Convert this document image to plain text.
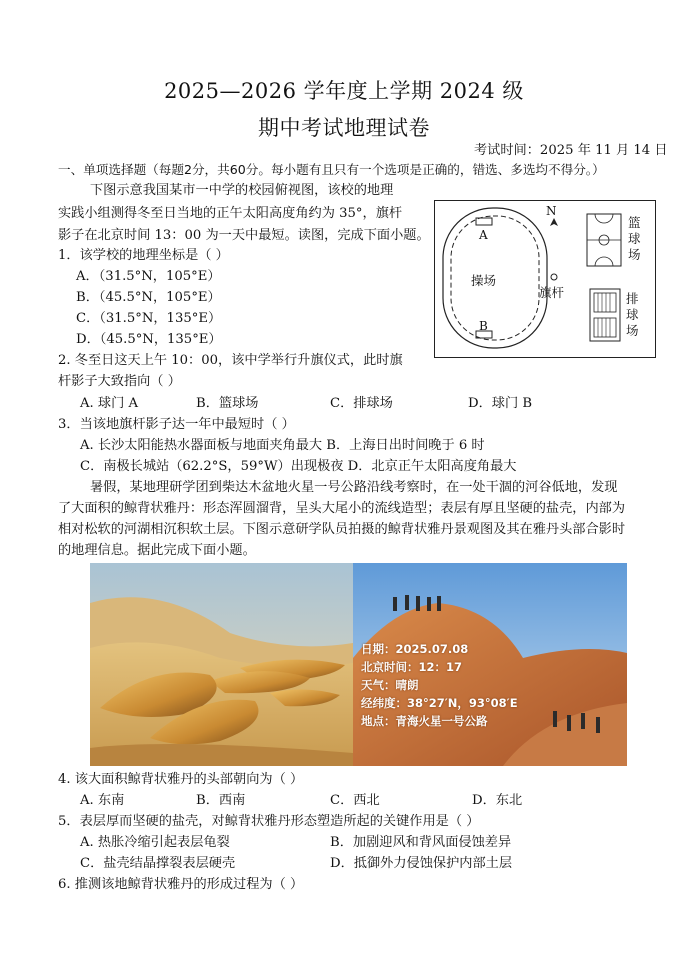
2025—2026 学年度上学期 2024 级
期中考试地理试卷
考试时间：2025 年 11 月 14 日
一、单项选择题（每题2分，共60分。每小题有且只有一个选项是正确的，错选、多选均不得分。）
下图示意我国某市一中学的校园俯视图，该校的地理
实践小组测得冬至日当地的正午太阳高度角约为 35°，旗杆
影子在北京时间 13：00 为一天中最短。读图，完成下面小题。
1．该学校的地理坐标是（ ）
A．（31.5°N，105°E）
B．（45.5°N，105°E）
C．（31.5°N，135°E）
D．（45.5°N，135°E）
2. 冬至日这天上午 10：00，该中学举行升旗仪式，此时旗
杆影子大致指向（ ）
A. 球门 A	B．篮球场	C．排球场	D．球门 B
3．当该地旗杆影子达一年中最短时（ ）
A. 长沙太阳能热水器面板与地面夹角最大 B．上海日出时间晚于 6 时
C．南极长城站（62.2°S，59°W）出现极夜 D．北京正午太阳高度角最大
暑假，某地理研学团到柴达木盆地火星一号公路沿线考察时，在一处干涸的河谷低地，发现
了大面积的鲸背状雅丹：形态浑圆溜背，呈头大尾小的流线造型；表层有厚且坚硬的盐壳，内部为
相对松软的河湖相沉积软土层。下图示意研学队员拍摄的鲸背状雅丹景观图及其在雅丹头部合影时
的地理信息。据此完成下面小题。
N
A
B
操场
旗杆
篮
球
场
排
球
场
日期：2025.07.08
北京时间：12：17
天气：晴朗
经纬度：38°27′N，93°08′E
地点：青海火星一号公路
4. 该大面积鲸背状雅丹的头部朝向为（ ）
A. 东南	B．西南	C．西北	D．东北
5．表层厚而坚硬的盐壳，对鲸背状雅丹形态塑造所起的关键作用是（ ）
A. 热胀冷缩引起表层龟裂	B．加剧迎风和背风面侵蚀差异
C．盐壳结晶撑裂表层硬壳	D．抵御外力侵蚀保护内部土层
6. 推测该地鲸背状雅丹的形成过程为（ ）
